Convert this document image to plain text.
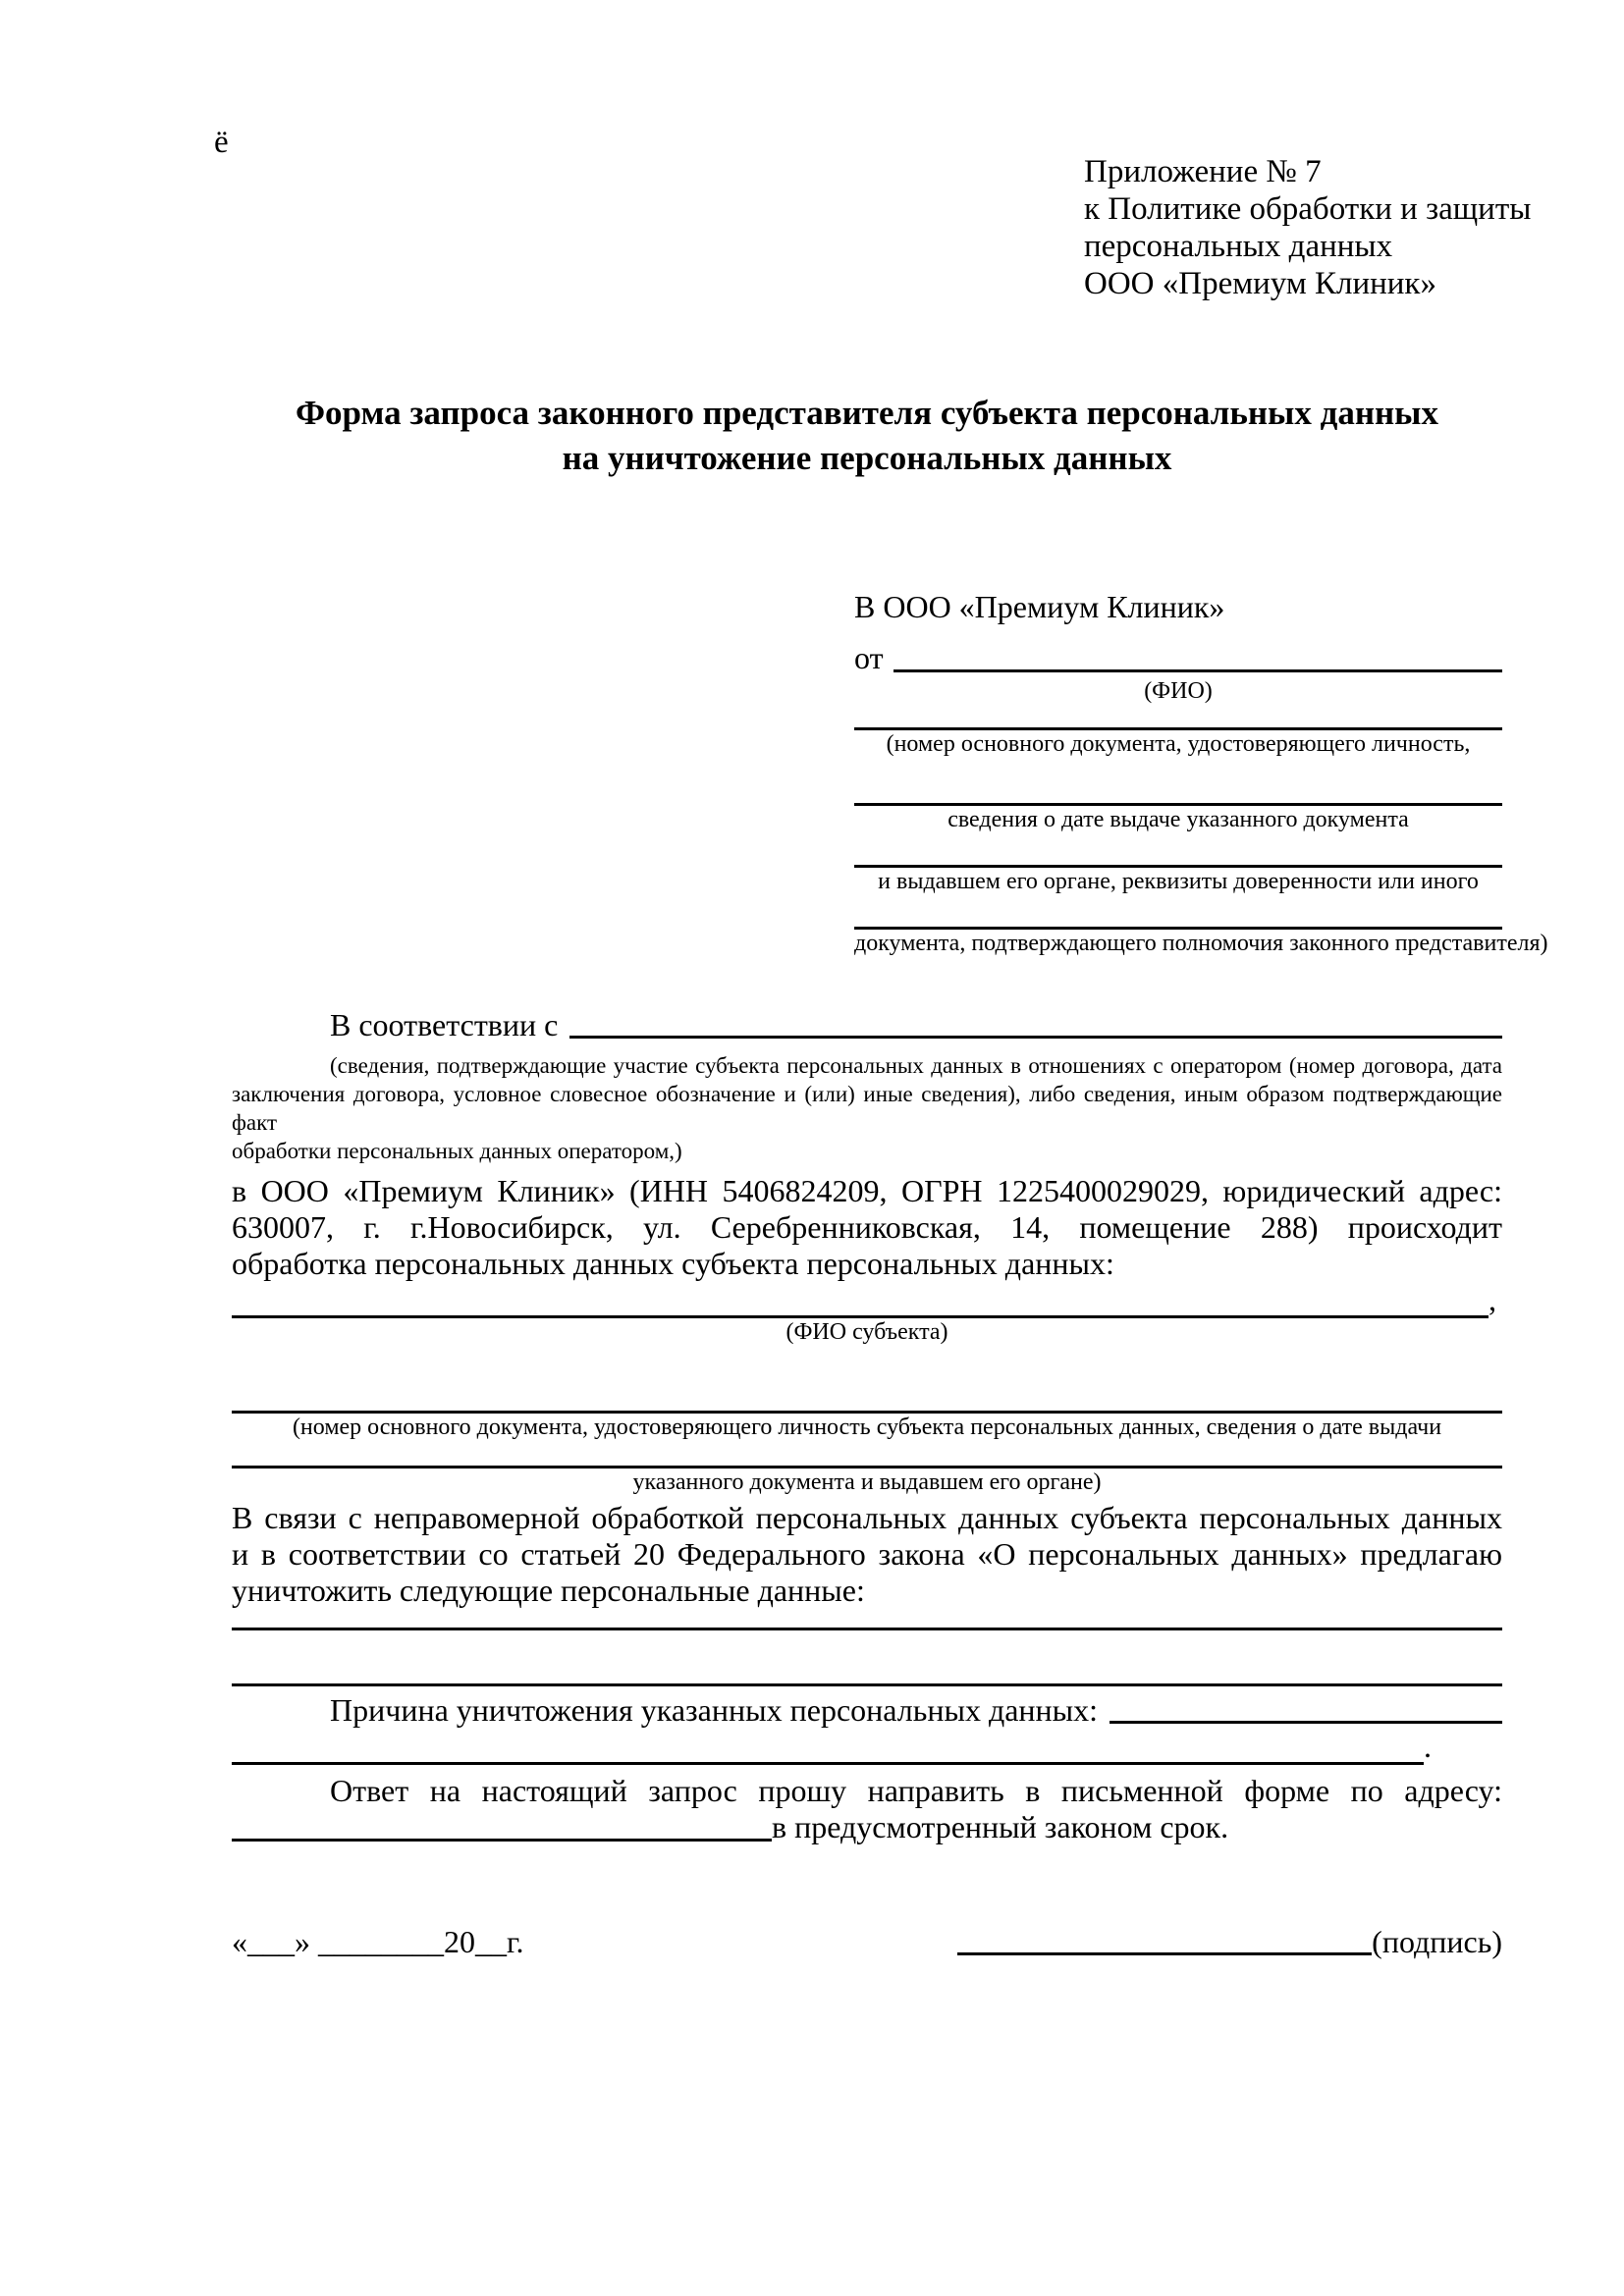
ё
Приложение № 7
к Политике обработки и защиты
персональных данных
ООО «Премиум Клиник»
Форма запроса законного представителя субъекта персональных данных
на уничтожение персональных данных
В ООО «Премиум Клиник»
от
(ФИО)
(номер основного документа, удостоверяющего личность,
сведения о дате выдаче указанного документа
и выдавшем его органе, реквизиты доверенности или иного
документа, подтверждающего полномочия законного представителя)
В соответствии с
(сведения, подтверждающие участие субъекта персональных данных в отношениях с оператором (номер договора, дата
заключения договора, условное словесное обозначение и (или) иные сведения), либо сведения, иным образом подтверждающие факт
обработки персональных данных оператором,)
в ООО «Премиум Клиник» (ИНН 5406824209, ОГРН 1225400029029, юридический адрес:
630007, г. г.Новосибирск, ул. Серебренниковская, 14, помещение 288) происходит
обработка персональных данных субъекта персональных данных:
,
(ФИО субъекта)
(номер основного документа, удостоверяющего личность субъекта персональных данных, сведения о дате выдачи
указанного документа и выдавшем его органе)
В связи с неправомерной обработкой персональных данных субъекта персональных данных
и в соответствии со статьей 20 Федерального закона «О персональных данных» предлагаю
уничтожить следующие персональные данные:
Причина уничтожения указанных персональных данных:
.
Ответ на настоящий запрос прошу направить в письменной форме по адресу:
в предусмотренный законом срок.
«___» ________20__г.	(подпись)
